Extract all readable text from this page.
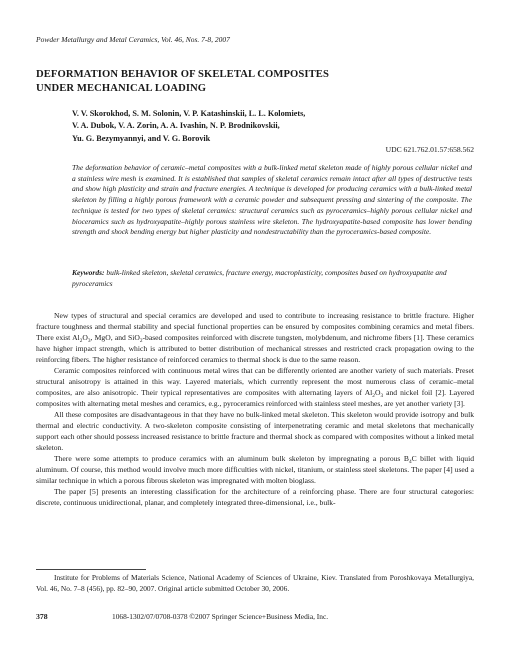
Powder Metallurgy and Metal Ceramics, Vol. 46, Nos. 7-8, 2007
DEFORMATION BEHAVIOR OF SKELETAL COMPOSITES
UNDER MECHANICAL LOADING
V. V. Skorokhod, S. M. Solonin, V. P. Katashinskii, L. L. Kolomiets,
V. A. Dubok, V. A. Zorin, A. A. Ivashin, N. P. Brodnikovskii,
Yu. G. Bezymyannyi, and V. G. Borovik
UDC 621.762.01.57:658.562
The deformation behavior of ceramic–metal composites with a bulk-linked metal skeleton made of highly porous cellular nickel and a stainless wire mesh is examined. It is established that samples of skeletal ceramics remain intact after all types of destructive tests and show high plasticity and strain and fracture energies. A technique is developed for producing ceramics with a bulk-linked metal skeleton by filling a highly porous framework with a ceramic powder and subsequent pressing and sintering of the composite. The technique is tested for two types of skeletal ceramics: structural ceramics such as pyroceramics–highly porous cellular nickel and bioceramics such as hydroxyapatite–highly porous stainless wire skeleton. The hydroxyapatite-based composite has lower bending strength and shock bending energy but higher plasticity and nondestructability than the pyroceramics-based composite.
Keywords: bulk-linked skeleton, skeletal ceramics, fracture energy, macroplasticity, composites based on hydroxyapatite and pyroceramics

New types of structural and special ceramics are developed and used to contribute to increasing resistance to brittle fracture. Higher fracture toughness and thermal stability and special functional properties can be ensured by composites combining ceramics and metal fibers. There exist $Al_2O_3$, MgO, and SiO$_2$-based composites reinforced with discrete tungsten, molybdenum, and nichrome fibers [1]. These ceramics have higher impact strength, which is attributed to better distribution of mechanical stresses and restricted crack propagation owing to the reinforcing fibers. The higher resistance of reinforced ceramics to thermal shock is due to the same reason.

Ceramic composites reinforced with continuous metal wires that can be differently oriented are another variety of such materials. Preset structural anisotropy is attained in this way. Layered materials, which currently represent the most numerous class of ceramic–metal composites, are also anisotropic. Their typical representatives are composites with alternating layers of $Al_2O_3$ and nickel foil [2]. Layered composites with alternating metal meshes and ceramics, e.g., pyroceramics reinforced with stainless steel meshes, are yet another variety [3].

All these composites are disadvantageous in that they have no bulk-linked metal skeleton. This skeleton would provide isotropy and bulk thermal and electric conductivity. A two-skeleton composite consisting of interpenetrating ceramic and metal skeletons that mechanically support each other should possess increased resistance to brittle fracture and thermal shock as compared with composites without a linked metal skeleton.

There were some attempts to produce ceramics with an aluminum bulk skeleton by impregnating a porous $B_4C$ billet with liquid aluminum. Of course, this method would involve much more difficulties with nickel, titanium, or stainless steel skeletons. The paper [4] used a similar technique in which a porous fibrous skeleton was impregnated with molten bioglass.

The paper [5] presents an interesting classification for the architecture of a reinforcing phase. There are four structural categories: discrete, continuous unidirectional, planar, and completely integrated three-dimensional, i.e., bulk-

Institute for Problems of Materials Science, National Academy of Sciences of Ukraine, Kiev. Translated from Poroshkovaya Metallurgiya, Vol. 46, No. 7–8 (456), pp. 82–90, 2007. Original article submitted October 30, 2006.
378	1068-1302/07/0708-0378 ©2007 Springer Science+Business Media, Inc.
